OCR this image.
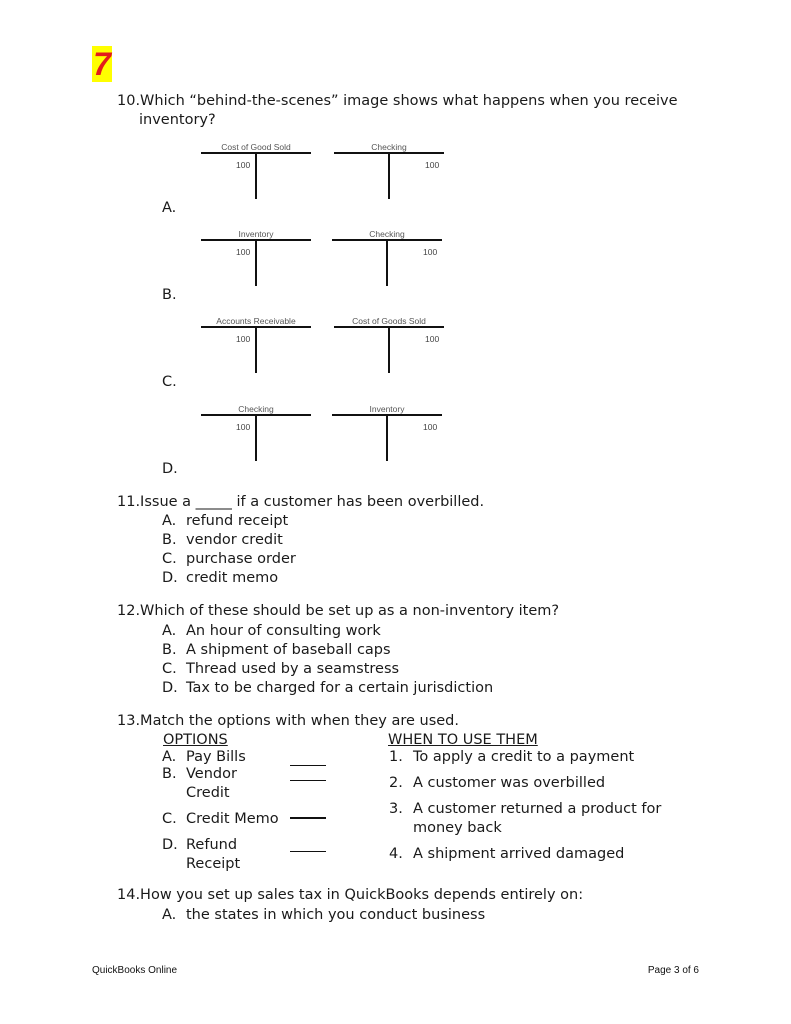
7
10.Which “behind-the-scenes” image shows what happens when you receive
inventory?
A.
Cost of Good Sold
100
Checking
100
B.
Inventory
100
Checking
100
C.
Accounts Receivable
100
Cost of Goods Sold
100
D.
Checking
100
Inventory
100
11.Issue a _____ if a customer has been overbilled.
A. refund receipt
B. vendor credit
C. purchase order
D. credit memo
12.Which of these should be set up as a non-inventory item?
A. An hour of consulting work
B. A shipment of baseball caps
C. Thread used by a seamstress
D. Tax to be charged for a certain jurisdiction
13.Match the options with when they are used.
OPTIONS	WHEN TO USE THEM
A. Pay Bills
B. Vendor
Credit
C. Credit Memo
D. Refund
Receipt
1. To apply a credit to a payment
2. A customer was overbilled
3. A customer returned a product for
money back
4. A shipment arrived damaged
14.How you set up sales tax in QuickBooks depends entirely on:
A. the states in which you conduct business
QuickBooks Online	Page 3 of 6
